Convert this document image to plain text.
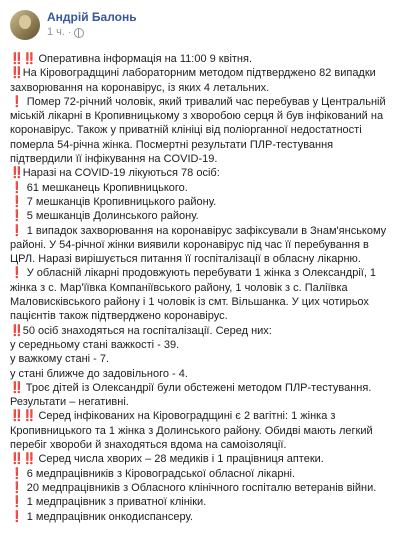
Андрій Балонь
1 ч. ·
‼️‼️ Оперативна інформація на 11:00 9 квітня.
‼️На Кіровоградщині лабораторним методом підтверджено 82 випадки
захворювання на коронавірус, із яких 4 летальних.
❗ Помер 72-річний чоловік, який тривалий час перебував у Центральній
міській лікарні в Кропивницькому з хворобою серця й був інфікований на
коронавірус. Також у приватній клініці від поліорганної недостатності
померла 54-річна жінка. Посмертні результати ПЛР-тестування
підтвердили її інфікування на COVID-19.
‼️Наразі на COVID-19 лікуються 78 осіб:
❗ 61 мешканець Кропивницького.
❗ 7 мешканців Кропивницького району.
❗ 5 мешканців Долинського району.
❗ 1 випадок захворювання на коронавірус зафіксували в Знам'янському
районі. У 54-річної жінки виявили коронавірус під час її перебування в
ЦРЛ. Наразі вирішується питання її госпіталізації в обласну лікарню.
❗ У обласній лікарні продовжують перебувати 1 жінка з Олександрії, 1
жінка з с. Мар'їївка Компаніївського району, 1 чоловік з с. Паліївка
Маловисківського району і 1 чоловік із смт. Вільшанка. У цих чотирьох
пацієнтів також підтверджено коронавірус.
‼️50 осіб знаходяться на госпіталізації. Серед них:
у середньому стані важкості - 39.
у важкому стані - 7.
у стані ближче до задовільного - 4.
‼️ Троє дітей із Олександрії були обстежені методом ПЛР-тестування.
Результати – негативні.
‼️‼️ Серед інфікованих на Кіровоградщині є 2 вагітні: 1 жінка з
Кропивницького та 1 жінка з Долинського району. Обидві мають легкий
перебіг хвороби й знаходяться вдома на самоізоляції.
‼️‼️ Серед числа хворих – 28 медиків і 1 працівниця аптеки.
❗ 6 медпрацівників з Кіровоградської обласної лікарні.
❗ 20 медпрацівників з Обласного клінічного госпіталю ветеранів війни.
❗ 1 медпрацівник з приватної клініки.
❗ 1 медпрацівник онкодиспансеру.
